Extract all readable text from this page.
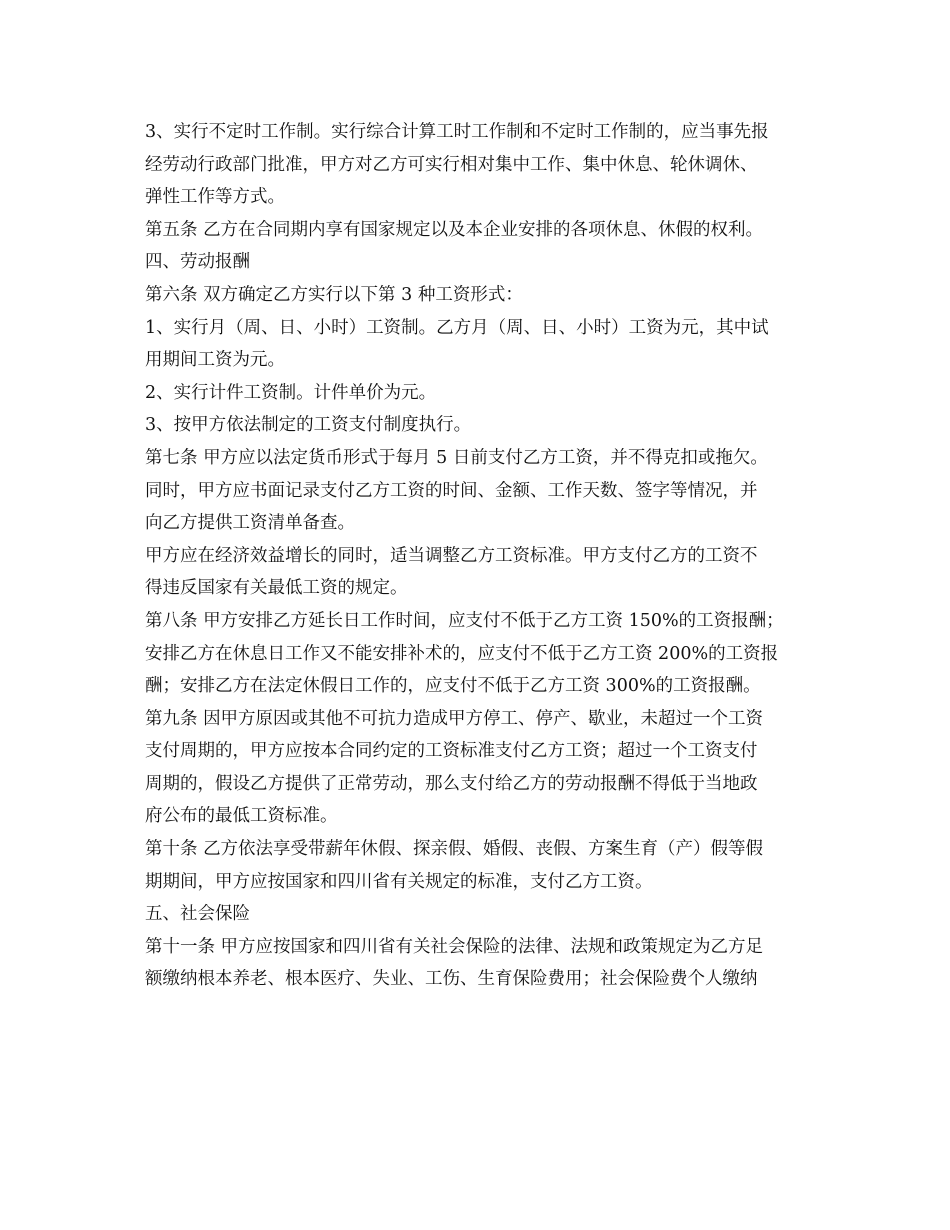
3、实行不定时工作制。实行综合计算工时工作制和不定时工作制的，应当事先报
经劳动行政部门批准，甲方对乙方可实行相对集中工作、集中休息、轮休调休、
弹性工作等方式。
第五条 乙方在合同期内享有国家规定以及本企业安排的各项休息、休假的权利。
四、劳动报酬
第六条 双方确定乙方实行以下第 3 种工资形式：
1、实行月（周、日、小时）工资制。乙方月（周、日、小时）工资为元，其中试
用期间工资为元。
2、实行计件工资制。计件单价为元。
3、按甲方依法制定的工资支付制度执行。
第七条 甲方应以法定货币形式于每月 5 日前支付乙方工资，并不得克扣或拖欠。
同时，甲方应书面记录支付乙方工资的时间、金额、工作天数、签字等情况，并
向乙方提供工资清单备查。
甲方应在经济效益增长的同时，适当调整乙方工资标准。甲方支付乙方的工资不
得违反国家有关最低工资的规定。
第八条 甲方安排乙方延长日工作时间，应支付不低于乙方工资 150%的工资报酬；
安排乙方在休息日工作又不能安排补术的，应支付不低于乙方工资 200%的工资报
酬；安排乙方在法定休假日工作的，应支付不低于乙方工资 300%的工资报酬。
第九条 因甲方原因或其他不可抗力造成甲方停工、停产、歇业，未超过一个工资
支付周期的，甲方应按本合同约定的工资标准支付乙方工资；超过一个工资支付
周期的，假设乙方提供了正常劳动，那么支付给乙方的劳动报酬不得低于当地政
府公布的最低工资标准。
第十条 乙方依法享受带薪年休假、探亲假、婚假、丧假、方案生育（产）假等假
期期间，甲方应按国家和四川省有关规定的标准，支付乙方工资。
五、社会保险
第十一条 甲方应按国家和四川省有关社会保险的法律、法规和政策规定为乙方足
额缴纳根本养老、根本医疗、失业、工伤、生育保险费用；社会保险费个人缴纳
